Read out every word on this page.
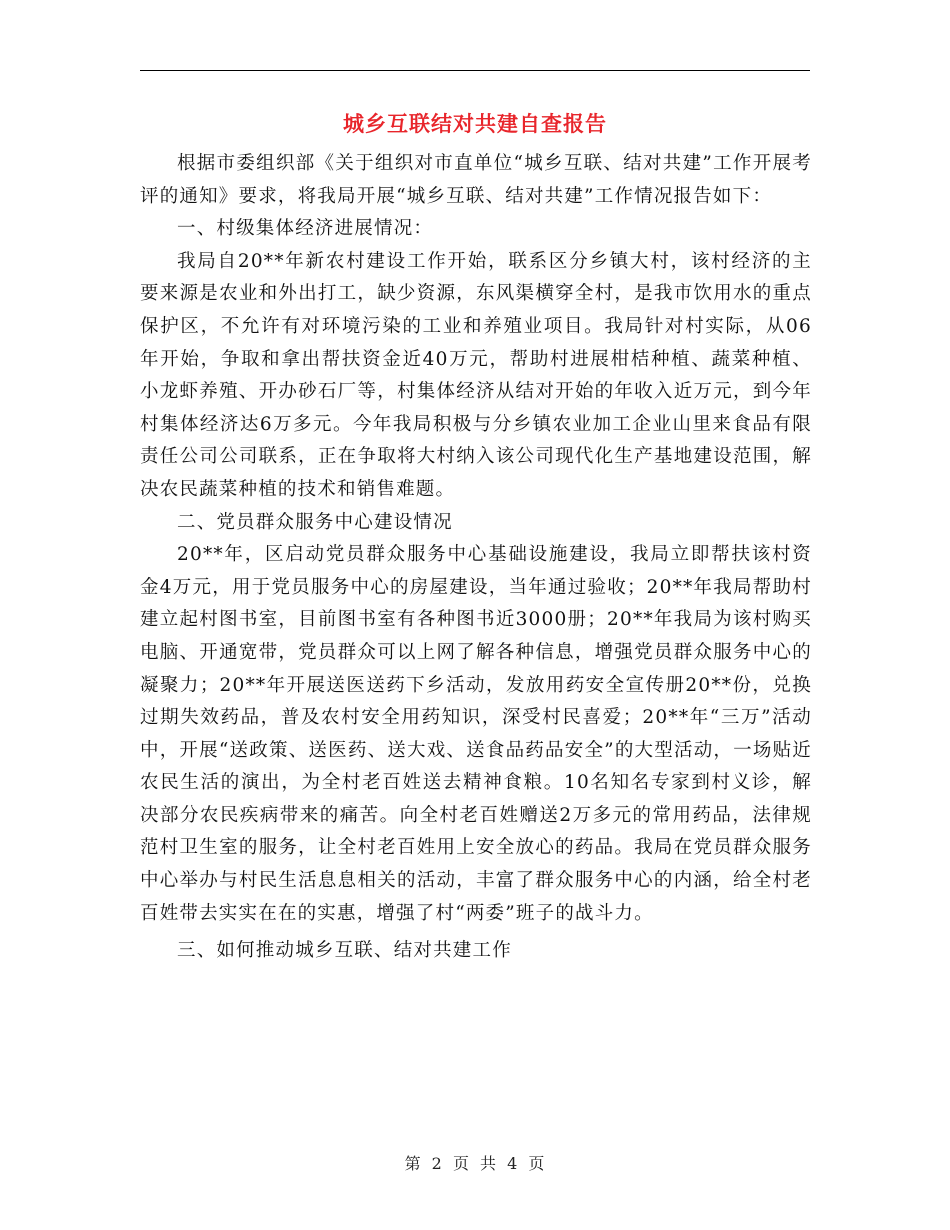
城乡互联结对共建自查报告

根据市委组织部《关于组织对市直单位“城乡互联、结对共建”工作开展考评的通知》要求，将我局开展“城乡互联、结对共建”工作情况报告如下：

一、村级集体经济进展情况：

我局自20**年新农村建设工作开始，联系区分乡镇大村，该村经济的主要来源是农业和外出打工，缺少资源，东风渠横穿全村，是我市饮用水的重点保护区，不允许有对环境污染的工业和养殖业项目。我局针对村实际，从06年开始，争取和拿出帮扶资金近40万元，帮助村进展柑桔种植、蔬菜种植、小龙虾养殖、开办砂石厂等，村集体经济从结对开始的年收入近万元，到今年村集体经济达6万多元。今年我局积极与分乡镇农业加工企业山里来食品有限责任公司公司联系，正在争取将大村纳入该公司现代化生产基地建设范围，解决农民蔬菜种植的技术和销售难题。

二、党员群众服务中心建设情况

20**年，区启动党员群众服务中心基础设施建设，我局立即帮扶该村资金4万元，用于党员服务中心的房屋建设，当年通过验收；20**年我局帮助村建立起村图书室，目前图书室有各种图书近3000册；20**年我局为该村购买电脑、开通宽带，党员群众可以上网了解各种信息，增强党员群众服务中心的凝聚力；20**年开展送医送药下乡活动，发放用药安全宣传册20**份，兑换过期失效药品，普及农村安全用药知识，深受村民喜爱；20**年“三万”活动中，开展“送政策、送医药、送大戏、送食品药品安全”的大型活动，一场贴近农民生活的演出，为全村老百姓送去精神食粮。10名知名专家到村义诊，解决部分农民疾病带来的痛苦。向全村老百姓赠送2万多元的常用药品，法律规范村卫生室的服务，让全村老百姓用上安全放心的药品。我局在党员群众服务中心举办与村民生活息息相关的活动，丰富了群众服务中心的内涵，给全村老百姓带去实实在在的实惠，增强了村“两委”班子的战斗力。

三、如何推动城乡互联、结对共建工作

第 2 页 共 4 页
